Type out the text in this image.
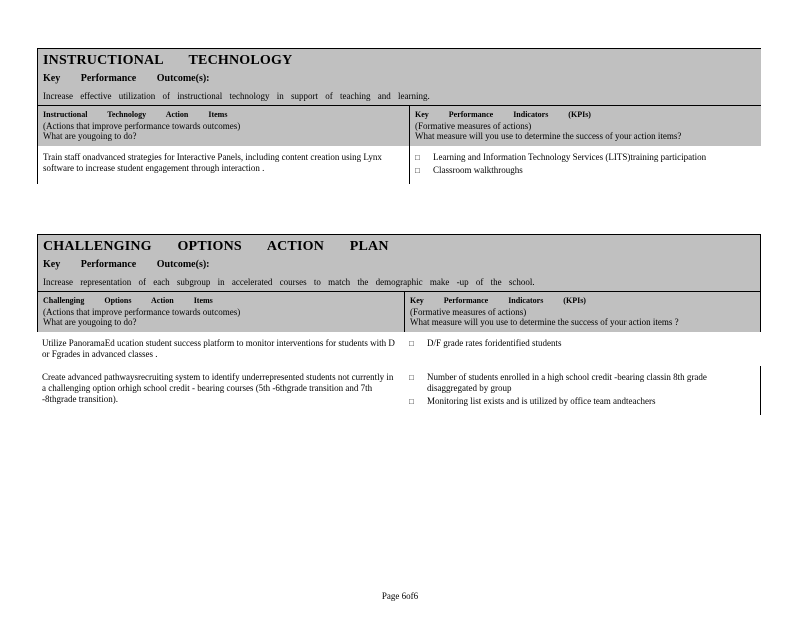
INSTRUCTIONAL TECHNOLOGY
Key Performance Outcome(s):
Increase effective utilization of instructional technology in support of teaching and learning.
Instructional Technology Action Items
(Actions that improve performance towards outcomes)
What are yougoing to do?
Key Performance Indicators (KPIs)
(Formative measures of actions)
What measure will you use to determine the success of your action items?
Train staff onadvanced strategies for Interactive Panels, including content creation using Lynx software to increase student engagement through interaction .
□	Learning and Information Technology Services (LITS)training participation
□	Classroom walkthroughs
CHALLENGING OPTIONS ACTION PLAN
Key Performance Outcome(s):
Increase representation of each subgroup in accelerated courses to match the demographic make -up of the school.
Challenging Options Action Items
(Actions that improve performance towards outcomes)
What are yougoing to do?
Key Performance Indicators (KPIs)
(Formative measures of actions)
What measure will you use to determine the success of your action items ?
Utilize PanoramaEd ucation student success platform to monitor interventions for students with D or Fgrades in advanced classes .
□	D/F grade rates foridentified students
Create advanced pathwaysrecruiting system to identify underrepresented students not currently in a challenging option orhigh school credit - bearing courses (5th -6thgrade transition and 7th -8thgrade transition).
□	Number of students enrolled in a high school credit -bearing classin 8th grade disaggregated by group
□	Monitoring list exists and is utilized by office team andteachers
Page 6of6
